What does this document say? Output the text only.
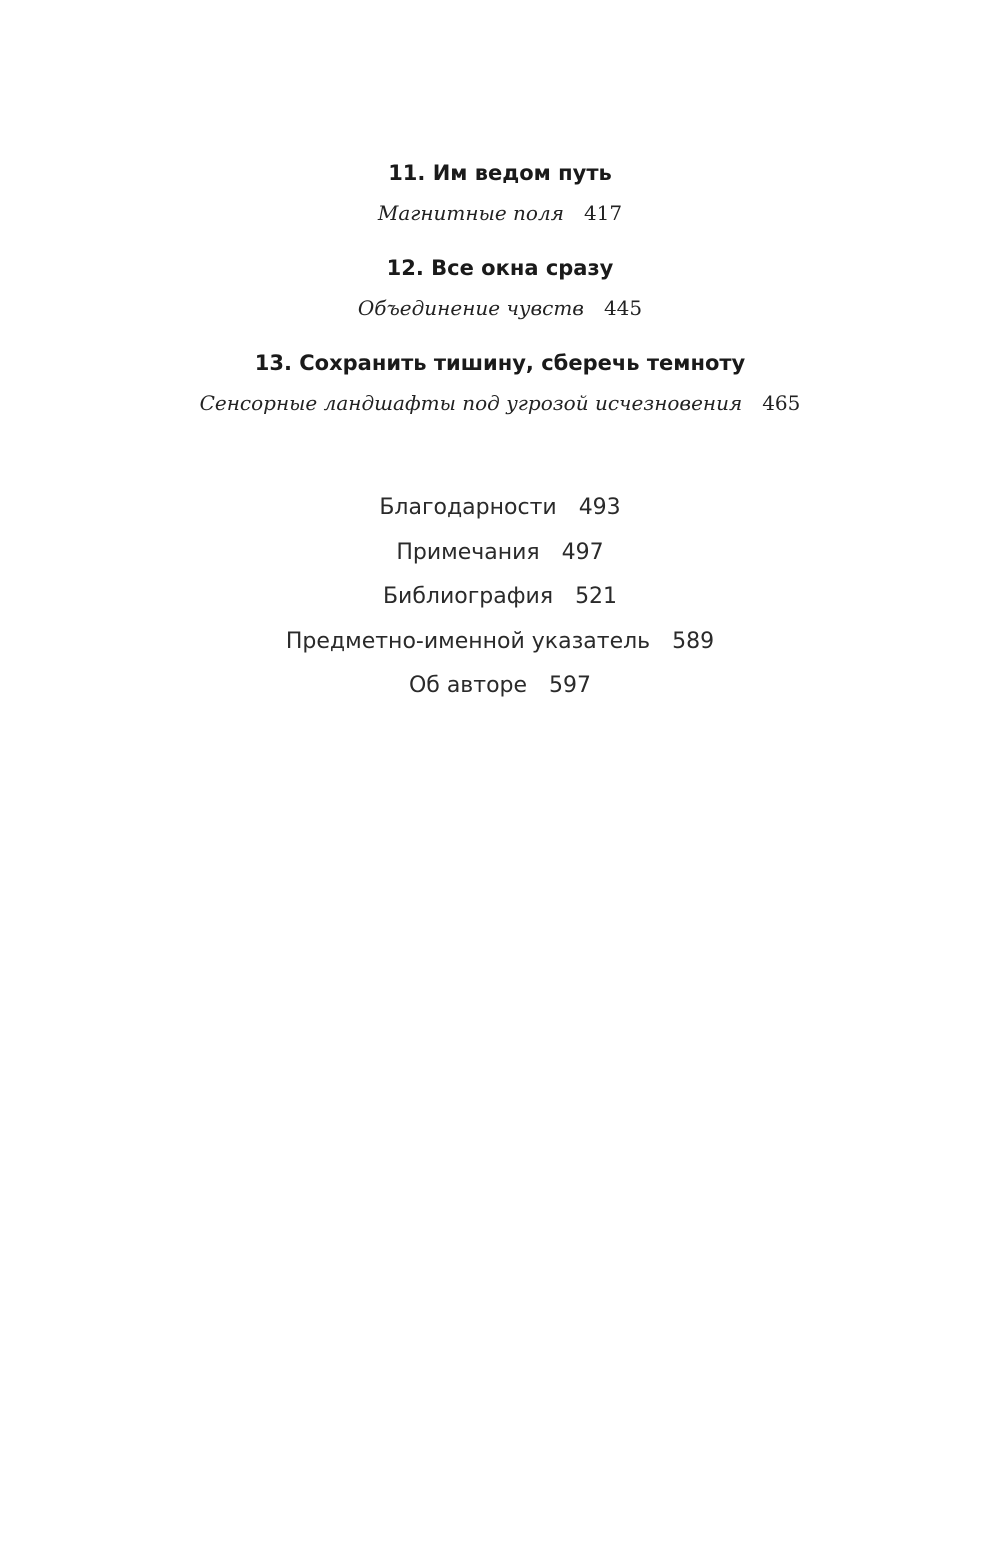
11. Им ведом путь
Магнитные поля 417
12. Все окна сразу
Объединение чувств 445
13. Сохранить тишину, сберечь темноту
Сенсорные ландшафты под угрозой исчезновения 465
Благодарности 493
Примечания 497
Библиография 521
Предметно-именной указатель 589
Об авторе 597
